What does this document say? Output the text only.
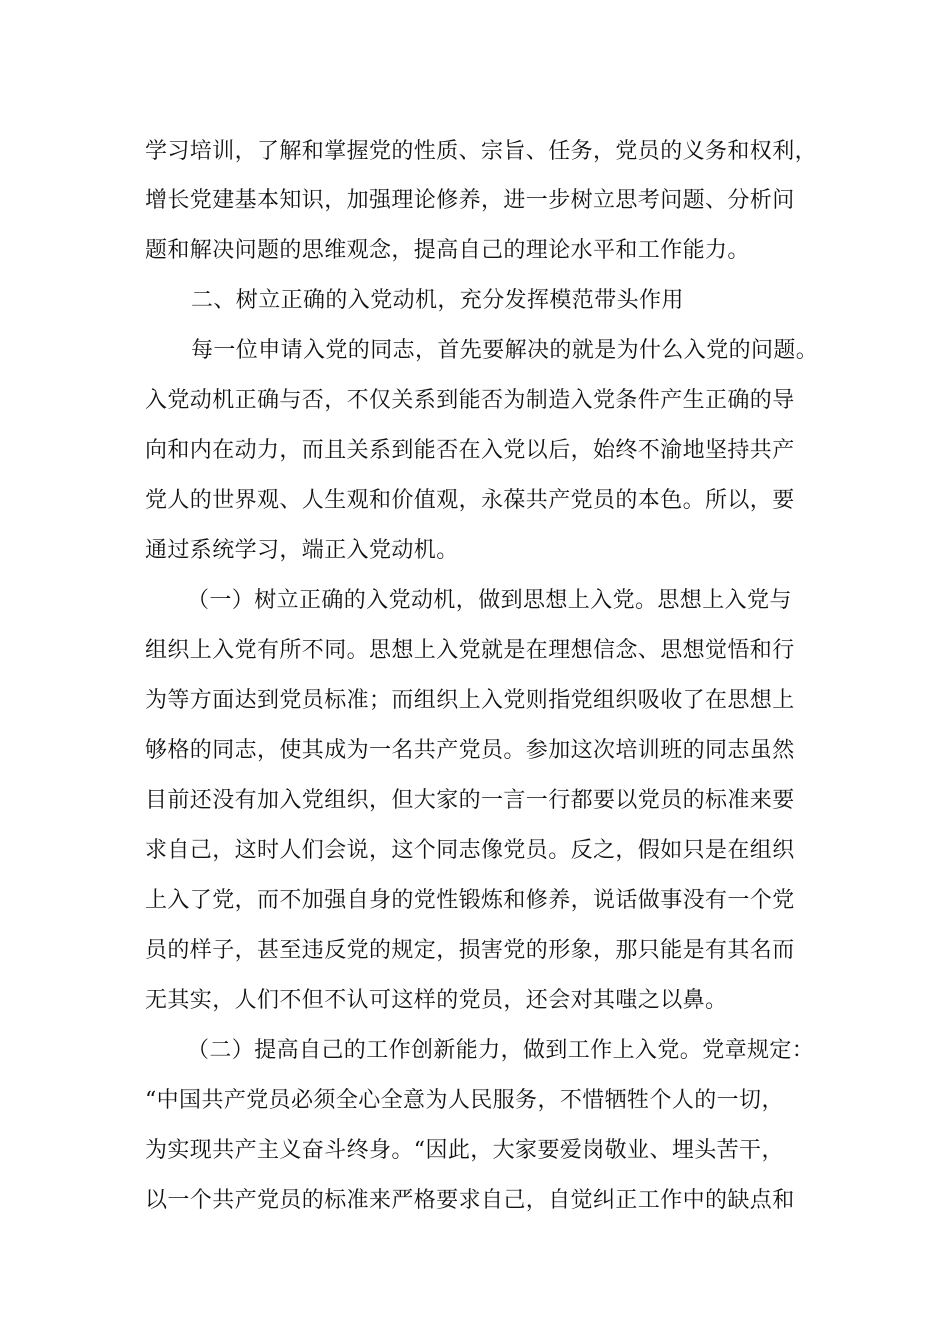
学习培训，了解和掌握党的性质、宗旨、任务，党员的义务和权利，
增长党建基本知识，加强理论修养，进一步树立思考问题、分析问
题和解决问题的思维观念，提高自己的理论水平和工作能力。
二、树立正确的入党动机，充分发挥模范带头作用
每一位申请入党的同志，首先要解决的就是为什么入党的问题。
入党动机正确与否，不仅关系到能否为制造入党条件产生正确的导
向和内在动力，而且关系到能否在入党以后，始终不渝地坚持共产
党人的世界观、人生观和价值观，永葆共产党员的本色。所以，要
通过系统学习，端正入党动机。
（一）树立正确的入党动机，做到思想上入党。思想上入党与
组织上入党有所不同。思想上入党就是在理想信念、思想觉悟和行
为等方面达到党员标准；而组织上入党则指党组织吸收了在思想上
够格的同志，使其成为一名共产党员。参加这次培训班的同志虽然
目前还没有加入党组织，但大家的一言一行都要以党员的标准来要
求自己，这时人们会说，这个同志像党员。反之，假如只是在组织
上入了党，而不加强自身的党性锻炼和修养，说话做事没有一个党
员的样子，甚至违反党的规定，损害党的形象，那只能是有其名而
无其实，人们不但不认可这样的党员，还会对其嗤之以鼻。
（二）提高自己的工作创新能力，做到工作上入党。党章规定：
“中国共产党员必须全心全意为人民服务，不惜牺牲个人的一切，
为实现共产主义奋斗终身。“因此，大家要爱岗敬业、埋头苦干，
以一个共产党员的标准来严格要求自己，自觉纠正工作中的缺点和
